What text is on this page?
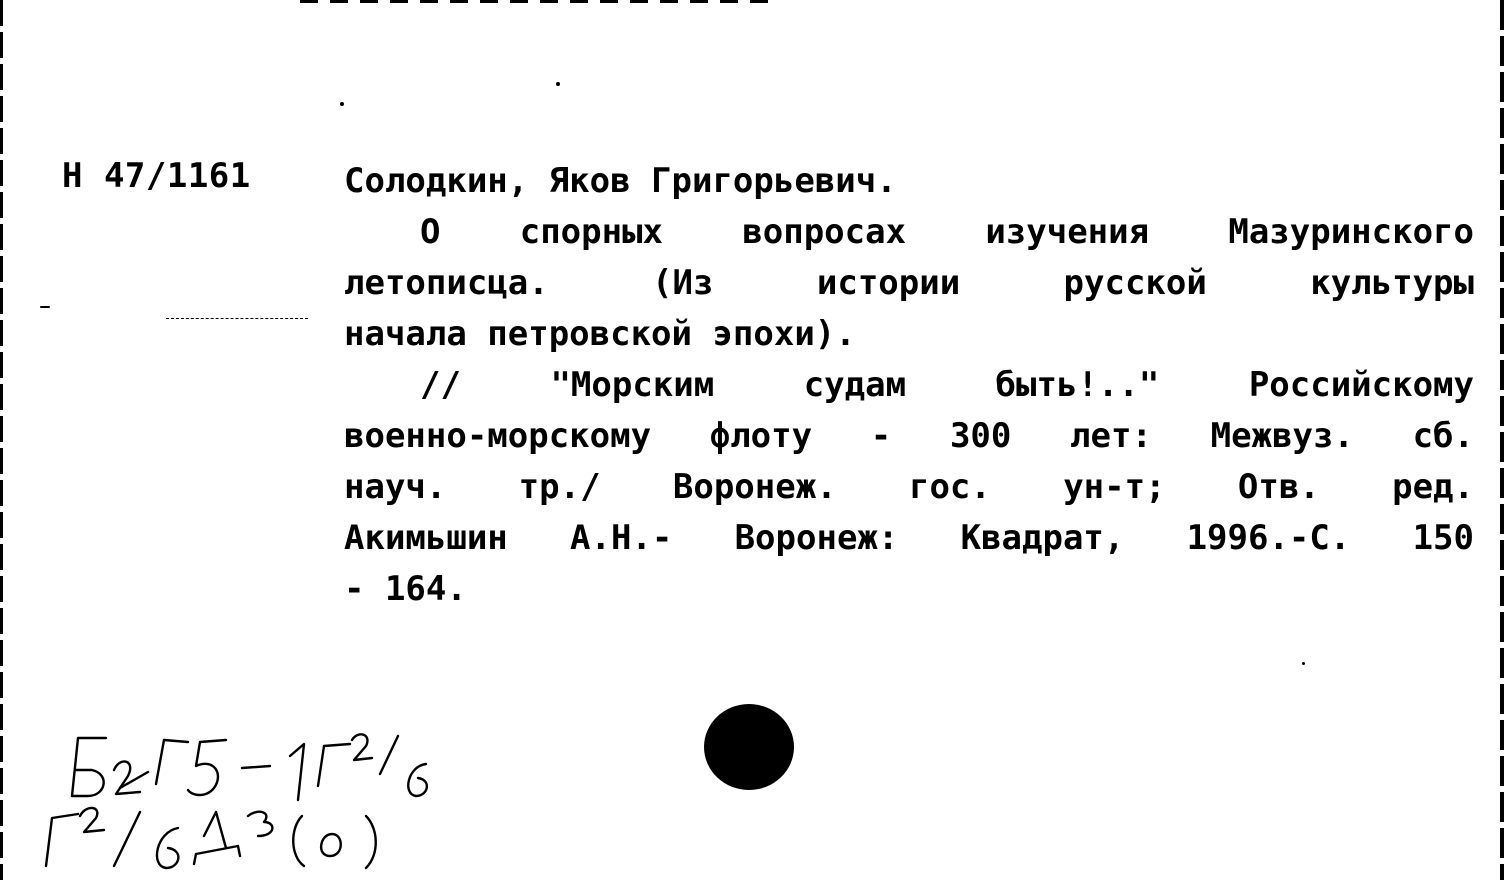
Н 47/1161	Солодкин, Яков Григорьевич.
О спорных вопросах изучения Мазуринского
летописца. (Из истории русской культуры
начала петровской эпохи).
// "Морским судам быть!.." Российскому
военно-морскому флоту - 300 лет: Межвуз. сб.
науч. тр./ Воронеж. гос. ун-т; Отв. ред.
Акимьшин А.Н.- Воронеж: Квадрат, 1996.-С. 150
- 164.
